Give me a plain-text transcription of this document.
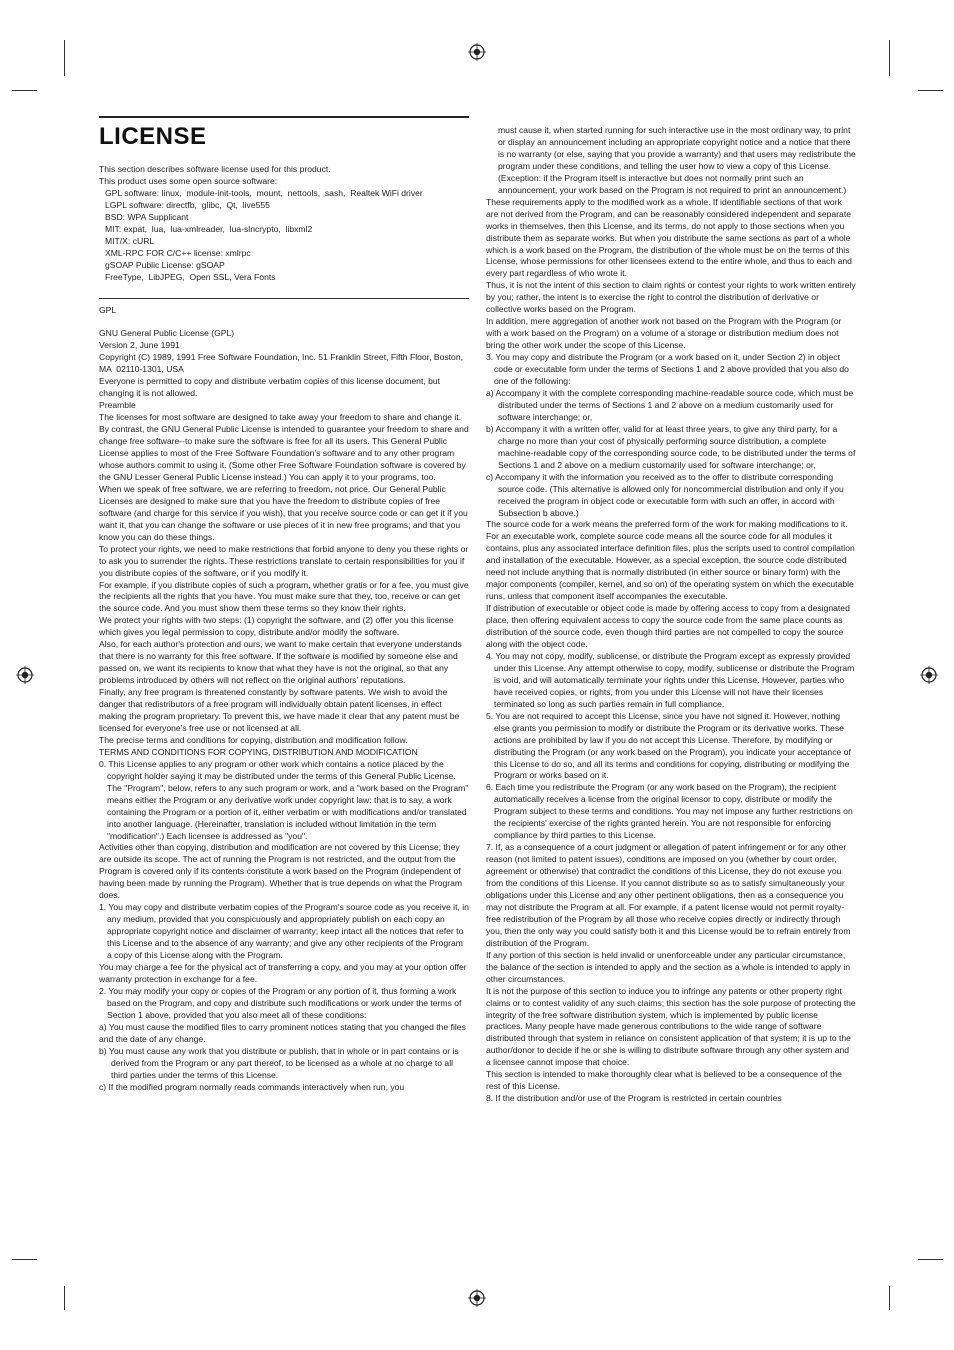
LICENSE

This section describes software license used for this product.

This product uses some open source software:

GPL software: linux,  module-init-tools,  mount,  nettools,  sash,  Realtek WiFi driver

LGPL software: directfb,  glibc,  Qt,  live555

BSD: WPA Supplicant

MIT: expat,  lua,  lua-xmlreader,  lua-slncrypto,  libxml2

MIT/X: cURL

XML-RPC FOR C/C++ license: xmlrpc

gSOAP Public License: gSOAP

FreeType,  LibJPEG,  Open SSL, Vera Fonts

GPL

GNU General Public License (GPL)

Version 2, June 1991

Copyright (C) 1989, 1991 Free Software Foundation, Inc. 51 Franklin Street, Fifth Floor, Boston, MA  02110-1301, USA

Everyone is permitted to copy and distribute verbatim copies of this license document, but changing it is not allowed.

Preamble

The licenses for most software are designed to take away your freedom to share and change it. By contrast, the GNU General Public License is intended to guarantee your freedom to share and change free software--to make sure the software is free for all its users. This General Public License applies to most of the Free Software Foundation's software and to any other program whose authors commit to using it. (Some other Free Software Foundation software is covered by the GNU Lesser General Public License instead.) You can apply it to your programs, too.

When we speak of free software, we are referring to freedom, not price. Our General Public Licenses are designed to make sure that you have the freedom to distribute copies of free software (and charge for this service if you wish), that you receive source code or can get it if you want it, that you can change the software or use pieces of it in new free programs; and that you know you can do these things.

To protect your rights, we need to make restrictions that forbid anyone to deny you these rights or to ask you to surrender the rights. These restrictions translate to certain responsibilities for you if you distribute copies of the software, or if you modify it.

For example, if you distribute copies of such a program, whether gratis or for a fee, you must give the recipients all the rights that you have. You must make sure that they, too, receive or can get the source code. And you must show them these terms so they know their rights.

We protect your rights with two steps: (1) copyright the software, and (2) offer you this license which gives you legal permission to copy, distribute and/or modify the software.

Also, for each author's protection and ours, we want to make certain that everyone understands that there is no warranty for this free software. If the software is modified by someone else and passed on, we want its recipients to know that what they have is not the original, so that any problems introduced by others will not reflect on the original authors' reputations.

Finally, any free program is threatened constantly by software patents. We wish to avoid the danger that redistributors of a free program will individually obtain patent licenses, in effect making the program proprietary. To prevent this, we have made it clear that any patent must be licensed for everyone's free use or not licensed at all.

The precise terms and conditions for copying, distribution and modification follow.

TERMS AND CONDITIONS FOR COPYING, DISTRIBUTION AND MODIFICATION

0. This License applies to any program or other work which contains a notice placed by the copyright holder saying it may be distributed under the terms of this General Public License. The "Program", below, refers to any such program or work, and a "work based on the Program" means either the Program or any derivative work under copyright law: that is to say, a work containing the Program or a portion of it, either verbatim or with modifications and/or translated into another language. (Hereinafter, translation is included without limitation in the term "modification".) Each licensee is addressed as "you".

Activities other than copying, distribution and modification are not covered by this License; they are outside its scope. The act of running the Program is not restricted, and the output from the Program is covered only if its contents constitute a work based on the Program (independent of having been made by running the Program). Whether that is true depends on what the Program does.

1. You may copy and distribute verbatim copies of the Program's source code as you receive it, in any medium, provided that you conspicuously and appropriately publish on each copy an appropriate copyright notice and disclaimer of warranty; keep intact all the notices that refer to this License and to the absence of any warranty; and give any other recipients of the Program a copy of this License along with the Program.

You may charge a fee for the physical act of transferring a copy, and you may at your option offer warranty protection in exchange for a fee.

2. You may modify your copy or copies of the Program or any portion of it, thus forming a work based on the Program, and copy and distribute such modifications or work under the terms of Section 1 above, provided that you also meet all of these conditions:

a) You must cause the modified files to carry prominent notices stating that you changed the files and the date of any change.

b) You must cause any work that you distribute or publish, that in whole or in part contains or is derived from the Program or any part thereof, to be licensed as a whole at no charge to all third parties under the terms of this License.

c) If the modified program normally reads commands interactively when run, you

must cause it, when started running for such interactive use in the most ordinary way, to print or display an announcement including an appropriate copyright notice and a notice that there is no warranty (or else, saying that you provide a warranty) and that users may redistribute the program under these conditions, and telling the user how to view a copy of this License. (Exception: if the Program itself is interactive but does not normally print such an announcement, your work based on the Program is not required to print an announcement.)

These requirements apply to the modified work as a whole. If identifiable sections of that work are not derived from the Program, and can be reasonably considered independent and separate works in themselves, then this License, and its terms, do not apply to those sections when you distribute them as separate works. But when you distribute the same sections as part of a whole which is a work based on the Program, the distribution of the whole must be on the terms of this License, whose permissions for other licensees extend to the entire whole, and thus to each and every part regardless of who wrote it.

Thus, it is not the intent of this section to claim rights or contest your rights to work written entirely by you; rather, the intent is to exercise the right to control the distribution of derivative or collective works based on the Program.

In addition, mere aggregation of another work not based on the Program with the Program (or with a work based on the Program) on a volume of a storage or distribution medium does not bring the other work under the scope of this License.

3. You may copy and distribute the Program (or a work based on it, under Section 2) in object code or executable form under the terms of Sections 1 and 2 above provided that you also do one of the following:

a) Accompany it with the complete corresponding machine-readable source code, which must be distributed under the terms of Sections 1 and 2 above on a medium customarily used for software interchange; or,

b) Accompany it with a written offer, valid for at least three years, to give any third party, for a charge no more than your cost of physically performing source distribution, a complete machine-readable copy of the corresponding source code, to be distributed under the terms of Sections 1 and 2 above on a medium customarily used for software interchange; or,

c) Accompany it with the information you received as to the offer to distribute corresponding source code. (This alternative is allowed only for noncommercial distribution and only if you received the program in object code or executable form with such an offer, in accord with Subsection b above.)

The source code for a work means the preferred form of the work for making modifications to it. For an executable work, complete source code means all the source code for all modules it contains, plus any associated interface definition files, plus the scripts used to control compilation and installation of the executable. However, as a special exception, the source code distributed need not include anything that is normally distributed (in either source or binary form) with the major components (compiler, kernel, and so on) of the operating system on which the executable runs, unless that component itself accompanies the executable.

If distribution of executable or object code is made by offering access to copy from a designated place, then offering equivalent access to copy the source code from the same place counts as distribution of the source code, even though third parties are not compelled to copy the source along with the object code.

4. You may not copy, modify, sublicense, or distribute the Program except as expressly provided under this License. Any attempt otherwise to copy, modify, sublicense or distribute the Program is void, and will automatically terminate your rights under this License. However, parties who have received copies, or rights, from you under this License will not have their licenses terminated so long as such parties remain in full compliance.

5. You are not required to accept this License, since you have not signed it. However, nothing else grants you permission to modify or distribute the Program or its derivative works. These actions are prohibited by law if you do not accept this License. Therefore, by modifying or distributing the Program (or any work based on the Program), you indicate your acceptance of this License to do so, and all its terms and conditions for copying, distributing or modifying the Program or works based on it.

6. Each time you redistribute the Program (or any work based on the Program), the recipient automatically receives a license from the original licensor to copy, distribute or modify the Program subject to these terms and conditions. You may not impose any further restrictions on the recipients' exercise of the rights granted herein. You are not responsible for enforcing compliance by third parties to this License.

7. If, as a consequence of a court judgment or allegation of patent infringement or for any other reason (not limited to patent issues), conditions are imposed on you (whether by court order, agreement or otherwise) that contradict the conditions of this License, they do not excuse you from the conditions of this License. If you cannot distribute so as to satisfy simultaneously your obligations under this License and any other pertinent obligations, then as a consequence you may not distribute the Program at all. For example, if a patent license would not permit royalty-free redistribution of the Program by all those who receive copies directly or indirectly through you, then the only way you could satisfy both it and this License would be to refrain entirely from distribution of the Program.

If any portion of this section is held invalid or unenforceable under any particular circumstance, the balance of the section is intended to apply and the section as a whole is intended to apply in other circumstances.

It is not the purpose of this section to induce you to infringe any patents or other property right claims or to contest validity of any such claims; this section has the sole purpose of protecting the integrity of the free software distribution system, which is implemented by public license practices. Many people have made generous contributions to the wide range of software distributed through that system in reliance on consistent application of that system; it is up to the author/donor to decide if he or she is willing to distribute software through any other system and a licensee cannot impose that choice.

This section is intended to make thoroughly clear what is believed to be a consequence of the rest of this License.

8. If the distribution and/or use of the Program is restricted in certain countries
